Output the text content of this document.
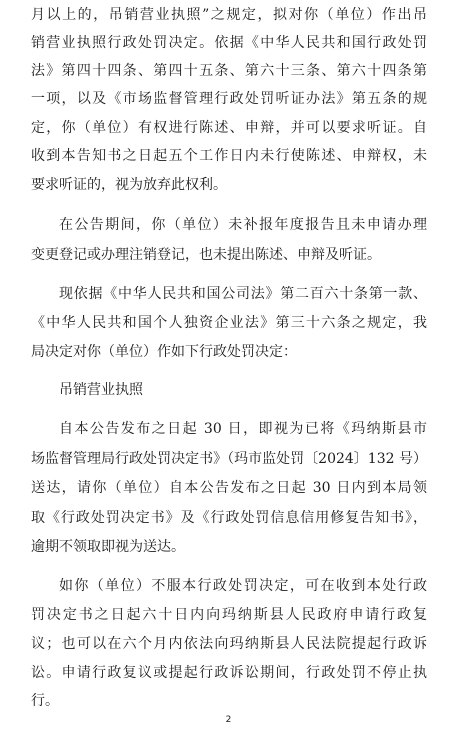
月以上的，吊销营业执照”之规定，拟对你（单位）作出吊
销营业执照行政处罚决定。依据《中华人民共和国行政处罚
法》第四十四条、第四十五条、第六十三条、第六十四条第
一项，以及《市场监督管理行政处罚听证办法》第五条的规
定，你（单位）有权进行陈述、申辩，并可以要求听证。自
收到本告知书之日起五个工作日内未行使陈述、申辩权，未
要求听证的，视为放弃此权利。
在公告期间，你（单位）未补报年度报告且未申请办理
变更登记或办理注销登记，也未提出陈述、申辩及听证。
现依据《中华人民共和国公司法》第二百六十条第一款、
《中华人民共和国个人独资企业法》第三十六条之规定，我
局决定对你（单位）作如下行政处罚决定：
吊销营业执照
自本公告发布之日起 30 日，即视为已将《玛纳斯县市
场监督管理局行政处罚决定书》（玛市监处罚〔2024〕132 号）
送达，请你（单位）自本公告发布之日起 30 日内到本局领
取《行政处罚决定书》及《行政处罚信息信用修复告知书》，
逾期不领取即视为送达。
如你（单位）不服本行政处罚决定，可在收到本处行政
罚决定书之日起六十日内向玛纳斯县人民政府申请行政复
议；也可以在六个月内依法向玛纳斯县人民法院提起行政诉
讼。申请行政复议或提起行政诉讼期间，行政处罚不停止执
行。
2
